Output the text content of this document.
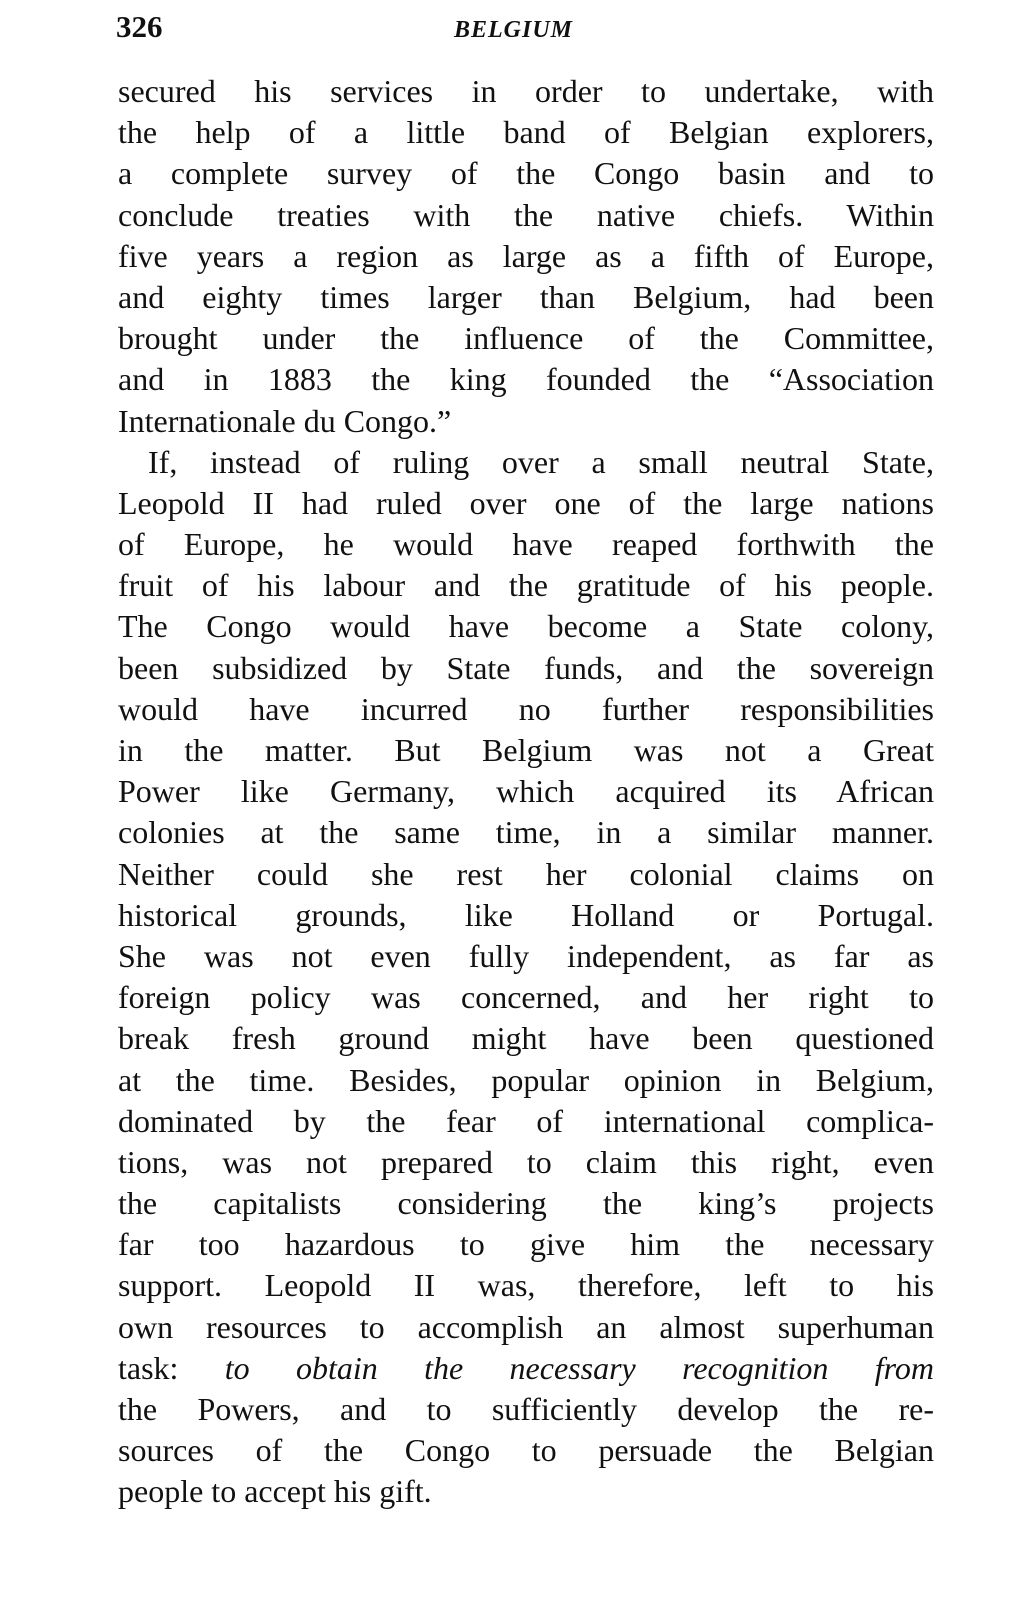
326	BELGIUM
secured his services in order to undertake, with
the help of a little band of Belgian explorers,
a complete survey of the Congo basin and to
conclude treaties with the native chiefs. Within
five years a region as large as a fifth of Europe,
and eighty times larger than Belgium, had been
brought under the influence of the Committee,
and in 1883 the king founded the “Association
Internationale du Congo.”
If, instead of ruling over a small neutral State,
Leopold II had ruled over one of the large nations
of Europe, he would have reaped forthwith the
fruit of his labour and the gratitude of his people.
The Congo would have become a State colony,
been subsidized by State funds, and the sovereign
would have incurred no further responsibilities
in the matter. But Belgium was not a Great
Power like Germany, which acquired its African
colonies at the same time, in a similar manner.
Neither could she rest her colonial claims on
historical grounds, like Holland or Portugal.
She was not even fully independent, as far as
foreign policy was concerned, and her right to
break fresh ground might have been questioned
at the time. Besides, popular opinion in Belgium,
dominated by the fear of international complica-
tions, was not prepared to claim this right, even
the capitalists considering the king’s projects
far too hazardous to give him the necessary
support. Leopold II was, therefore, left to his
own resources to accomplish an almost superhuman
task: to obtain the necessary recognition from
the Powers, and to sufficiently develop the re-
sources of the Congo to persuade the Belgian
people to accept his gift.
